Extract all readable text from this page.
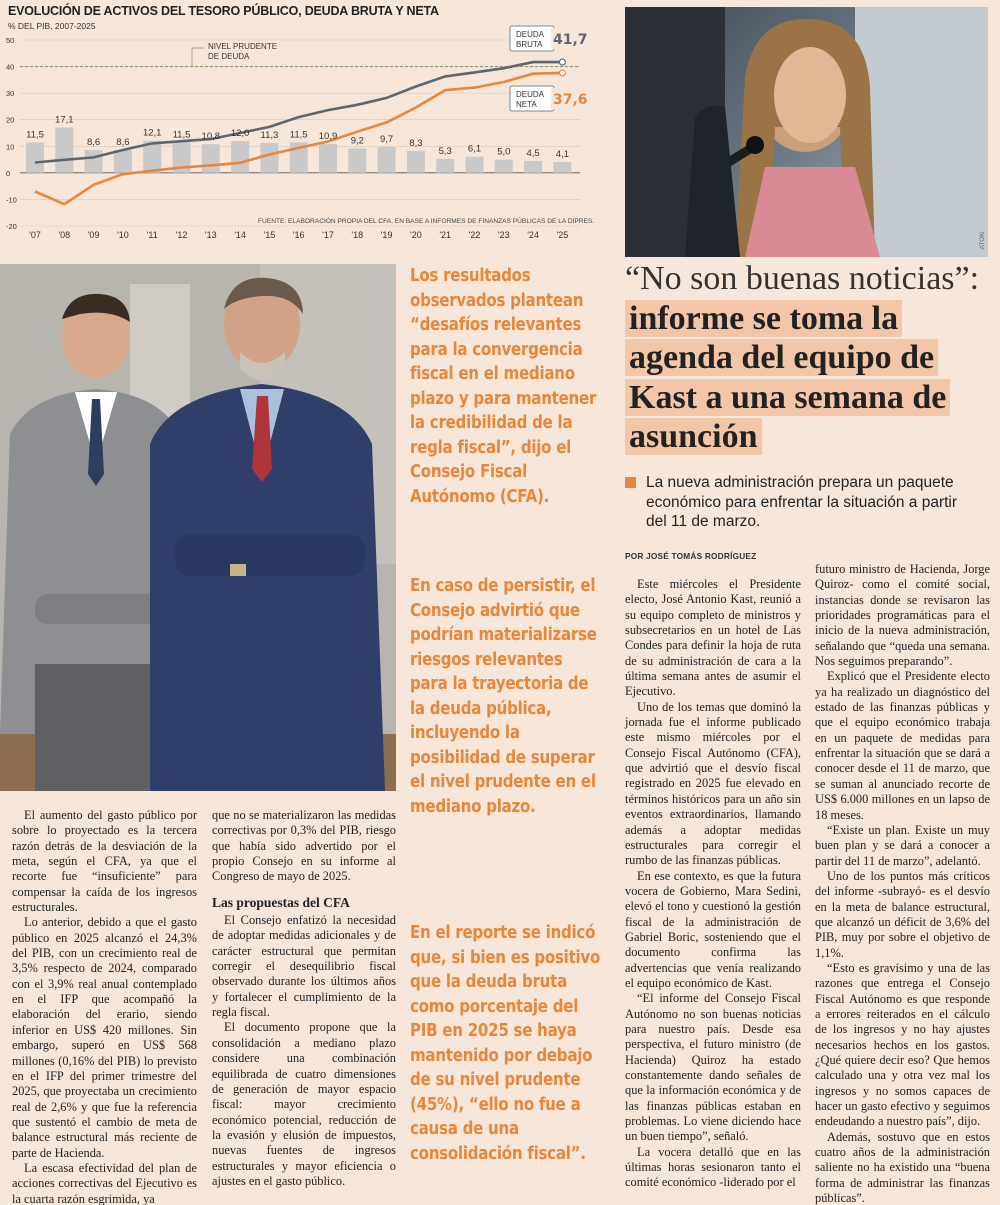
11,5
17,1
8,6 8,6
12,1 11,5 10,8 12,0 11,3 11,5 10,9 9,2 9,7 8,3
5,3 6,1 5,0 4,5 4,1
-20
-10
0
10
20
30
40
50
'07 '08 '09 '10 '11 '12 '13 '14 '15 '16 '17 '18 '19 '20 '21 '22 '23 '24 '25
NIVEL PRUDENTE
DE DEUDA
DEUDA
BRUTA 41,7
DEUDA
NETA 37,6
FUENTE: ELABORACIÓN PROPIA DEL CFA, EN BASE A INFORMES DE FINANZAS PÚBLICAS DE LA DIPRES.
EVOLUCIÓN DE ACTIVOS DEL TESORO PÚBLICO, DEUDA BRUTA Y NETA
% DEL PIB, 2007-2025
ATON
Los resultados observados plantean “desafíos relevantes para la convergencia fiscal en el mediano plazo y para mantener la credibilidad de la regla fiscal”, dijo el Consejo Fiscal Autónomo (CFA).
En caso de persistir, el Consejo advirtió que podrían materializarse riesgos relevantes para la trayectoria de la deuda pública, incluyendo la posibilidad de superar el nivel prudente en el mediano plazo.
En el reporte se indicó que, si bien es positivo que la deuda bruta como porcentaje del PIB en 2025 se haya mantenido por debajo de su nivel prudente (45%), “ello no fue a causa de una consolidación fiscal”.
“No son buenas noticias”: informe se toma la agenda del equipo de Kast a una semana de asunción
La nueva administración prepara un paquete económico para enfrentar la situación a partir del 11 de marzo.
POR JOSÉ TOMÁS RODRÍGUEZ

El aumento del gasto público por sobre lo proyectado es la tercera razón detrás de la desviación de la meta, según el CFA, ya que el recorte fue “insuficiente” para compensar la caída de los ingresos estructurales.

Lo anterior, debido a que el gasto público en 2025 alcanzó el 24,3% del PIB, con un crecimiento real de 3,5% respecto de 2024, comparado con el 3,9% real anual contemplado en el IFP que acompañó la elaboración del erario, siendo inferior en US$ 420 millones. Sin embargo, superó en US$ 568 millones (0,16% del PIB) lo previsto en el IFP del primer trimestre del 2025, que proyectaba un crecimiento real de 2,6% y que fue la referencia que sustentó el cambio de meta de balance estructural más reciente de parte de Hacienda.

La escasa efectividad del plan de acciones correctivas del Ejecutivo es la cuarta razón esgrimida, ya

que no se materializaron las medidas correctivas por 0,3% del PIB, riesgo que había sido advertido por el propio Consejo en su informe al Congreso de mayo de 2025.

Las propuestas del CFA

El Consejo enfatizó la necesidad de adoptar medidas adicionales y de carácter estructural que permitan corregir el desequilibrio fiscal observado durante los últimos años y fortalecer el cumplimiento de la regla fiscal.

El documento propone que la consolidación a mediano plazo considere una combinación equilibrada de cuatro dimensiones de generación de mayor espacio fiscal: mayor crecimiento económico potencial, reducción de la evasión y elusión de impuestos, nuevas fuentes de ingresos estructurales y mayor eficiencia o ajustes en el gasto público.

Este miércoles el Presidente electo, José Antonio Kast, reunió a su equipo completo de ministros y subsecretarios en un hotel de Las Condes para definir la hoja de ruta de su administración de cara a la última semana antes de asumir el Ejecutivo.

Uno de los temas que dominó la jornada fue el informe publicado este mismo miércoles por el Consejo Fiscal Autónomo (CFA), que advirtió que el desvío fiscal registrado en 2025 fue elevado en términos históricos para un año sin eventos extraordinarios, llamando además a adoptar medidas estructurales para corregir el rumbo de las finanzas públicas.

En ese contexto, es que la futura vocera de Gobierno, Mara Sedini, elevó el tono y cuestionó la gestión fiscal de la administración de Gabriel Boric, sosteniendo que el documento confirma las advertencias que venía realizando el equipo económico de Kast.

“El informe del Consejo Fiscal Autónomo no son buenas noticias para nuestro país. Desde esa perspectiva, el futuro ministro (de Hacienda) Quiroz ha estado constantemente dando señales de que la información económica y de las finanzas públicas estaban en problemas. Lo viene diciendo hace un buen tiempo”, señaló.

La vocera detalló que en las últimas horas sesionaron tanto el comité económico -liderado por el

futuro ministro de Hacienda, Jorge Quiroz- como el comité social, instancias donde se revisaron las prioridades programáticas para el inicio de la nueva administración, señalando que “queda una semana. Nos seguimos preparando”.

Explicó que el Presidente electo ya ha realizado un diagnóstico del estado de las finanzas públicas y que el equipo económico trabaja en un paquete de medidas para enfrentar la situación que se dará a conocer desde el 11 de marzo, que se suman al anunciado recorte de US$ 6.000 millones en un lapso de 18 meses.

“Existe un plan. Existe un muy buen plan y se dará a conocer a partir del 11 de marzo”, adelantó.

Uno de los puntos más críticos del informe -subrayó- es el desvío en la meta de balance estructural, que alcanzó un déficit de 3,6% del PIB, muy por sobre el objetivo de 1,1%.

“Esto es gravísimo y una de las razones que entrega el Consejo Fiscal Autónomo es que responde a errores reiterados en el cálculo de los ingresos y no hay ajustes necesarios hechos en los gastos. ¿Qué quiere decir eso? Que hemos calculado una y otra vez mal los ingresos y no somos capaces de hacer un gasto efectivo y seguimos endeudando a nuestro país”, dijo.

Además, sostuvo que en estos cuatro años de la administración saliente no ha existido una “buena forma de administrar las finanzas públicas”.
